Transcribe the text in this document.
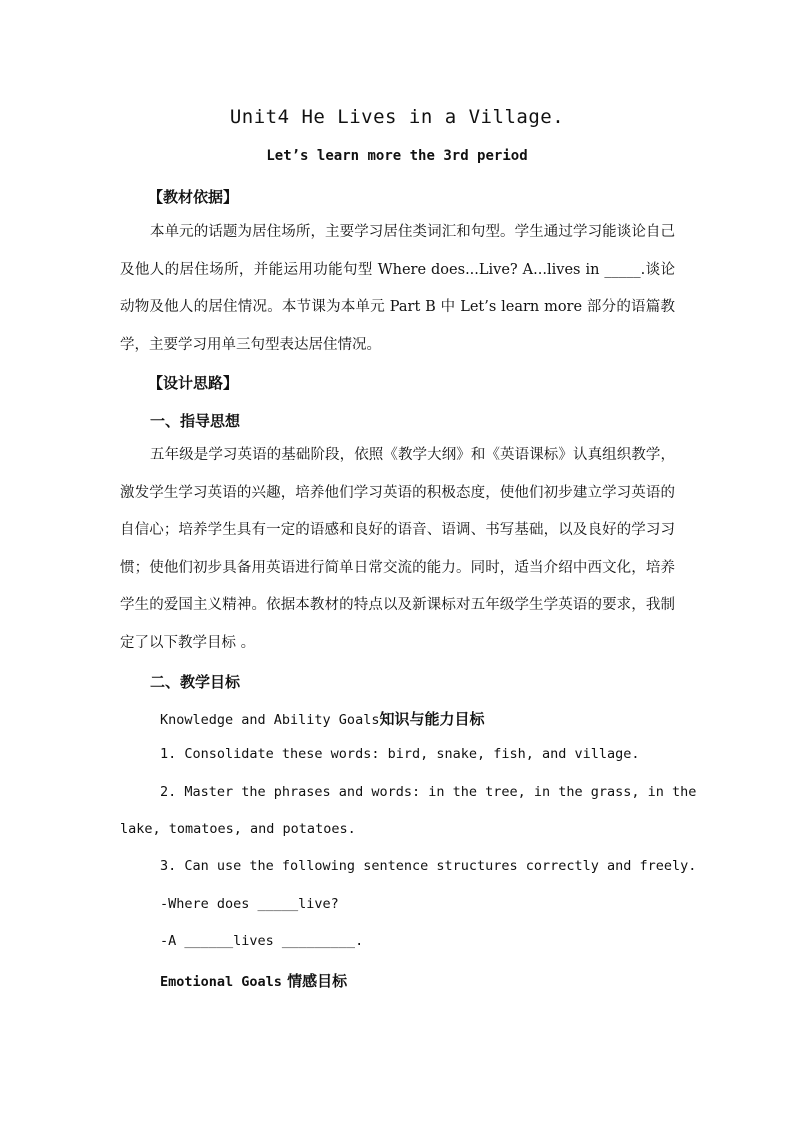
Unit4 He Lives in a Village.
Let’s learn more the 3rd period
【教材依据】
本单元的话题为居住场所，主要学习居住类词汇和句型。学生通过学习能谈论自己及他人的居住场所，并能运用功能句型 Where does...Live? A...lives in _____.谈论动物及他人的居住情况。本节课为本单元 Part B 中 Let’s learn more 部分的语篇教学，主要学习用单三句型表达居住情况。
【设计思路】
一、指导思想
五年级是学习英语的基础阶段，依照《教学大纲》和《英语课标》认真组织教学，激发学生学习英语的兴趣，培养他们学习英语的积极态度，使他们初步建立学习英语的自信心；培养学生具有一定的语感和良好的语音、语调、书写基础，以及良好的学习习惯；使他们初步具备用英语进行简单日常交流的能力。同时，适当介绍中西文化，培养学生的爱国主义精神。依据本教材的特点以及新课标对五年级学生学英语的要求，我制定了以下教学目标 。
二、教学目标
Knowledge and Ability Goals知识与能力目标
1. Consolidate these words: bird, snake, fish, and village.
2. Master the phrases and words: in the tree, in the grass, in the
lake, tomatoes, and potatoes.
3. Can use the following sentence structures correctly and freely.
-Where does _____live?
-A ______lives _________.
Emotional Goals 情感目标
